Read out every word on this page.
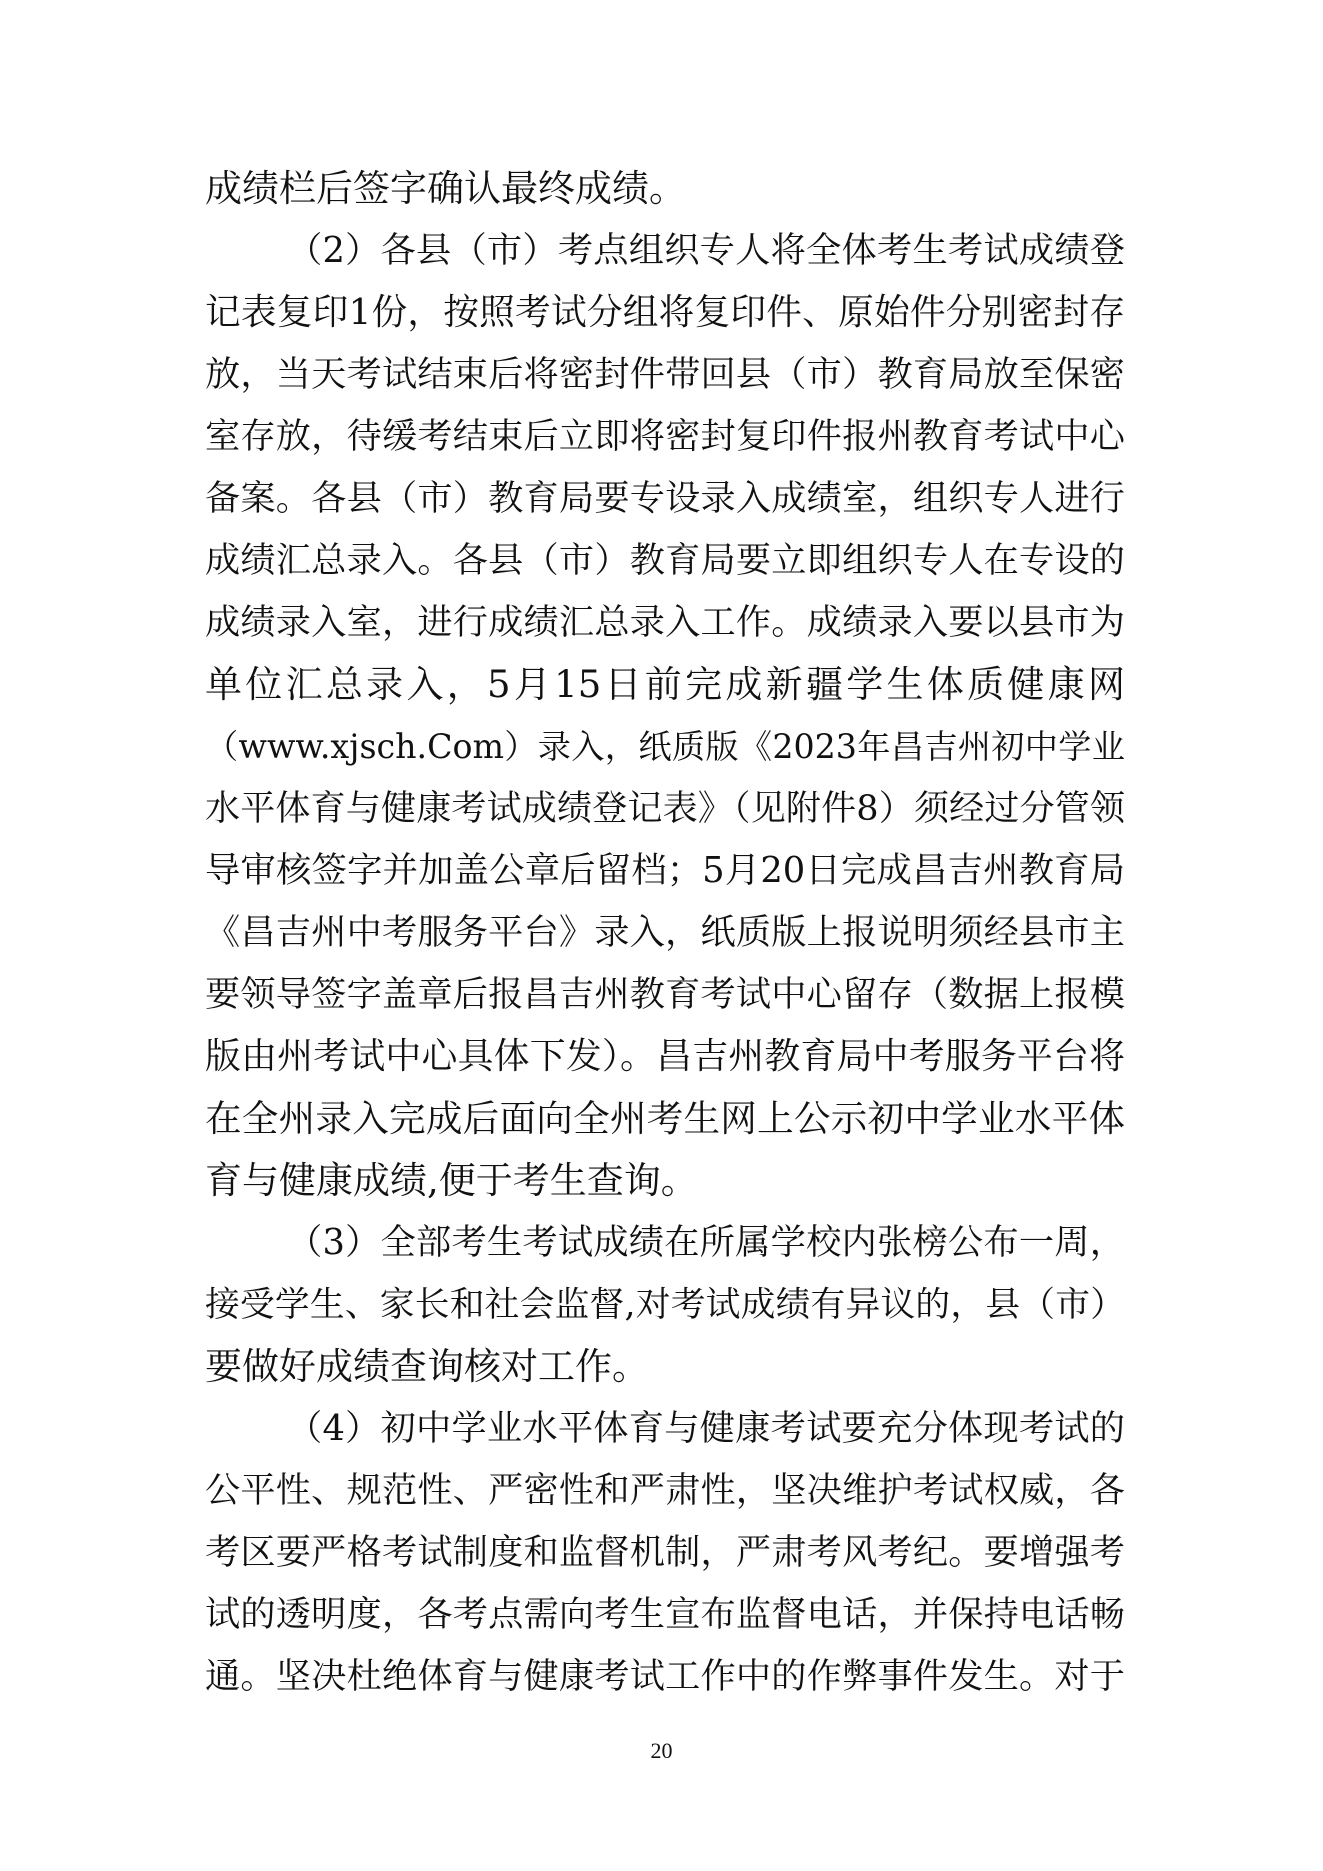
成绩栏后签字确认最终成绩。
（2）各县（市）考点组织专人将全体考生考试成绩登
记表复印1份，按照考试分组将复印件、原始件分别密封存
放，当天考试结束后将密封件带回县（市）教育局放至保密
室存放，待缓考结束后立即将密封复印件报州教育考试中心
备案。各县（市）教育局要专设录入成绩室，组织专人进行
成绩汇总录入。各县（市）教育局要立即组织专人在专设的
成绩录入室，进行成绩汇总录入工作。成绩录入要以县市为
单位汇总录入，5月15日前完成新疆学生体质健康网
（www.xjsch.Com）录入，纸质版《2023年昌吉州初中学业
水平体育与健康考试成绩登记表》（见附件8）须经过分管领
导审核签字并加盖公章后留档；5月20日完成昌吉州教育局
《昌吉州中考服务平台》录入，纸质版上报说明须经县市主
要领导签字盖章后报昌吉州教育考试中心留存（数据上报模
版由州考试中心具体下发）。昌吉州教育局中考服务平台将
在全州录入完成后面向全州考生网上公示初中学业水平体
育与健康成绩,便于考生查询。
（3）全部考生考试成绩在所属学校内张榜公布一周，
接受学生、家长和社会监督,对考试成绩有异议的，县（市）
要做好成绩查询核对工作。
（4）初中学业水平体育与健康考试要充分体现考试的
公平性、规范性、严密性和严肃性，坚决维护考试权威，各
考区要严格考试制度和监督机制，严肃考风考纪。要增强考
试的透明度，各考点需向考生宣布监督电话，并保持电话畅
通。坚决杜绝体育与健康考试工作中的作弊事件发生。对于
20
